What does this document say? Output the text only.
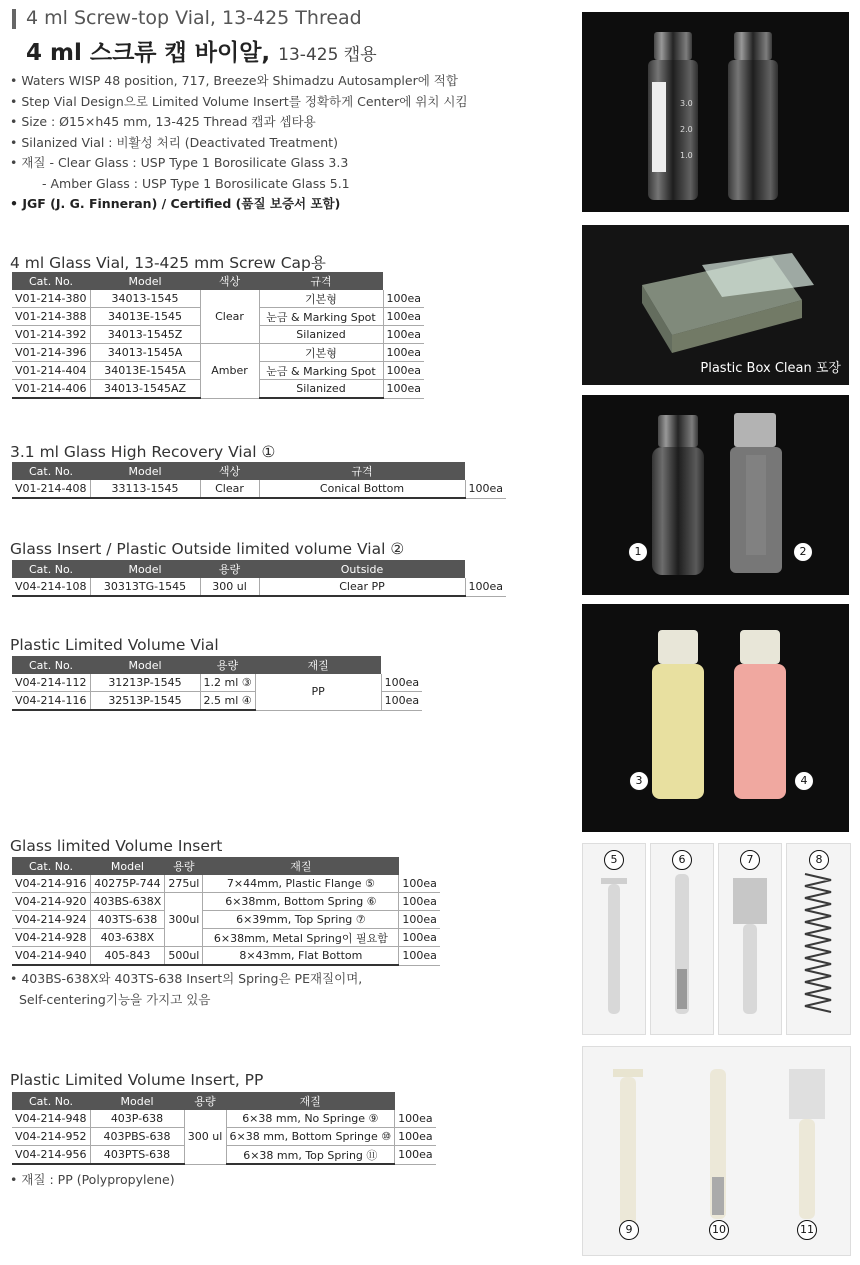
4 ml Screw-top Vial, 13-425 Thread
4 ml 스크류 캡 바이알, 13-425 캡용
• Waters WISP 48 position, 717, Breeze와 Shimadzu Autosampler에 적합
• Step Vial Design으로 Limited Volume Insert를 정확하게 Center에 위치 시킴
• Size : Ø15×h45 mm, 13-425 Thread 캡과 셉타용
• Silanized Vial : 비활성 처리 (Deactivated Treatment)
• 재질 - Clear Glass : USP Type 1 Borosilicate Glass 3.3
- Amber Glass : USP Type 1 Borosilicate Glass 5.1
• JGF (J. G. Finneran) / Certified (품질 보증서 포함)
4 ml Glass Vial, 13-425 mm Screw Cap용
Cat. No.	Model	색상	규격	
V01-214-380	34013-1545	Clear	기본형	100ea
V01-214-388	34013E-1545		눈금 & Marking Spot	100ea
V01-214-392	34013-1545Z		Silanized	100ea
V01-214-396	34013-1545A	Amber	기본형	100ea
V01-214-404	34013E-1545A		눈금 & Marking Spot	100ea
V01-214-406	34013-1545AZ		Silanized	100ea
3.1 ml Glass High Recovery Vial ①
Cat. No.	Model	색상	규격	
V01-214-408	33113-1545	Clear	Conical Bottom	100ea
Glass Insert / Plastic Outside limited volume Vial ②
Cat. No.	Model	용량	Outside	
V04-214-108	30313TG-1545	300 ul	Clear PP	100ea
Plastic Limited Volume Vial
Cat. No.	Model	용량	재질	
V04-214-112	31213P-1545	1.2 ml ③	PP	100ea
V04-214-116	32513P-1545	2.5 ml ④		100ea
Glass limited Volume Insert
Cat. No.	Model	용량	재질	
V04-214-916	40275P-744	275ul	7×44mm, Plastic Flange ⑤	100ea
V04-214-920	403BS-638X	300ul	6×38mm, Bottom Spring ⑥	100ea
V04-214-924	403TS-638		6×39mm, Top Spring ⑦	100ea
V04-214-928	403-638X		6×38mm, Metal Spring이 필요함	100ea
V04-214-940	405-843	500ul	8×43mm, Flat Bottom	100ea
• 403BS-638X와 403TS-638 Insert의 Spring은 PE재질이며,
Self-centering기능을 가지고 있음
Plastic Limited Volume Insert, PP
Cat. No.	Model	용량	재질	
V04-214-948	403P-638	300 ul	6×38 mm, No Springe ⑨	100ea
V04-214-952	403PBS-638		6×38 mm, Bottom Springe ⑩	100ea
V04-214-956	403PTS-638		6×38 mm, Top Spring ⑪	100ea
• 재질 : PP (Polypropylene)
3.0
2.0
1.0
Plastic Box Clean 포장
1	2
3	4
5	6	7	8
9	10	11
